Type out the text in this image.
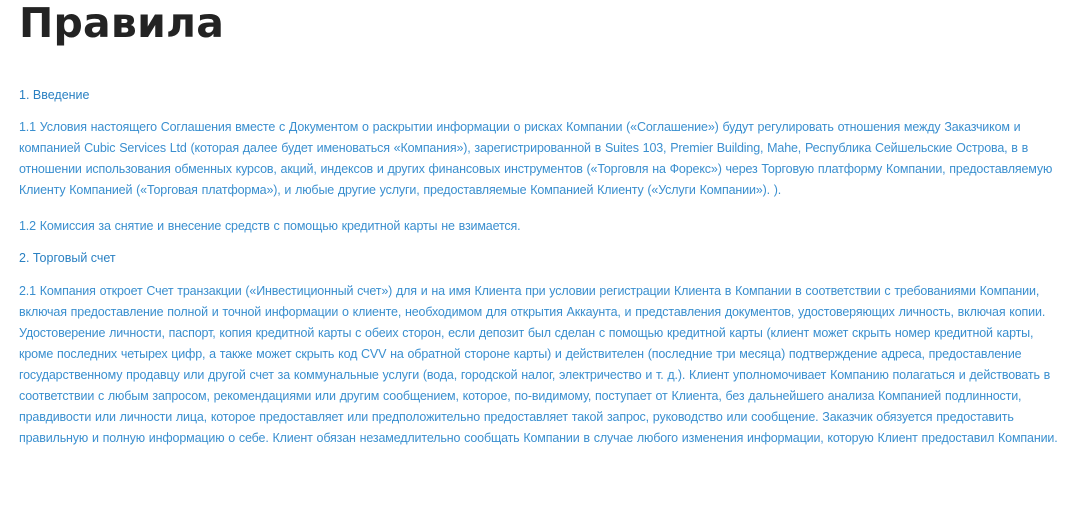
Правила
1. Введение

1.1 Условия настоящего Соглашения вместе с Документом о раскрытии информации о рисках Компании («Соглашение») будут регулировать отношения между Заказчиком и компанией Cubic Services Ltd (которая далее будет именоваться «Компания»), зарегистрированной в Suites 103, Premier Building, Mahe, Республика Сейшельские Острова, в в отношении использования обменных курсов, акций, индексов и других финансовых инструментов («Торговля на Форекс») через Торговую платформу Компании, предоставляемую Клиенту Компанией («Торговая платформа»), и любые другие услуги, предоставляемые Компанией Клиенту («Услуги Компании»). ).

1.2 Комиссия за снятие и внесение средств с помощью кредитной карты не взимается.

2. Торговый счет

2.1 Компания откроет Счет транзакции («Инвестиционный счет») для и на имя Клиента при условии регистрации Клиента в Компании в соответствии с требованиями Компании, включая предоставление полной и точной информации о клиенте, необходимом для открытия Аккаунта, и представления документов, удостоверяющих личность, включая копии. Удостоверение личности, паспорт, копия кредитной карты с обеих сторон, если депозит был сделан с помощью кредитной карты (клиент может скрыть номер кредитной карты, кроме последних четырех цифр, а также может скрыть код CVV на обратной стороне карты) и действителен (последние три месяца) подтверждение адреса, предоставление государственному продавцу или другой счет за коммунальные услуги (вода, городской налог, электричество и т. д.). Клиент уполномочивает Компанию полагаться и действовать в соответствии с любым запросом, рекомендациями или другим сообщением, которое, по-видимому, поступает от Клиента, без дальнейшего анализа Компанией подлинности, правдивости или личности лица, которое предоставляет или предположительно предоставляет такой запрос, руководство или сообщение. Заказчик обязуется предоставить правильную и полную информацию о себе. Клиент обязан незамедлительно сообщать Компании в случае любого изменения информации, которую Клиент предоставил Компании.
